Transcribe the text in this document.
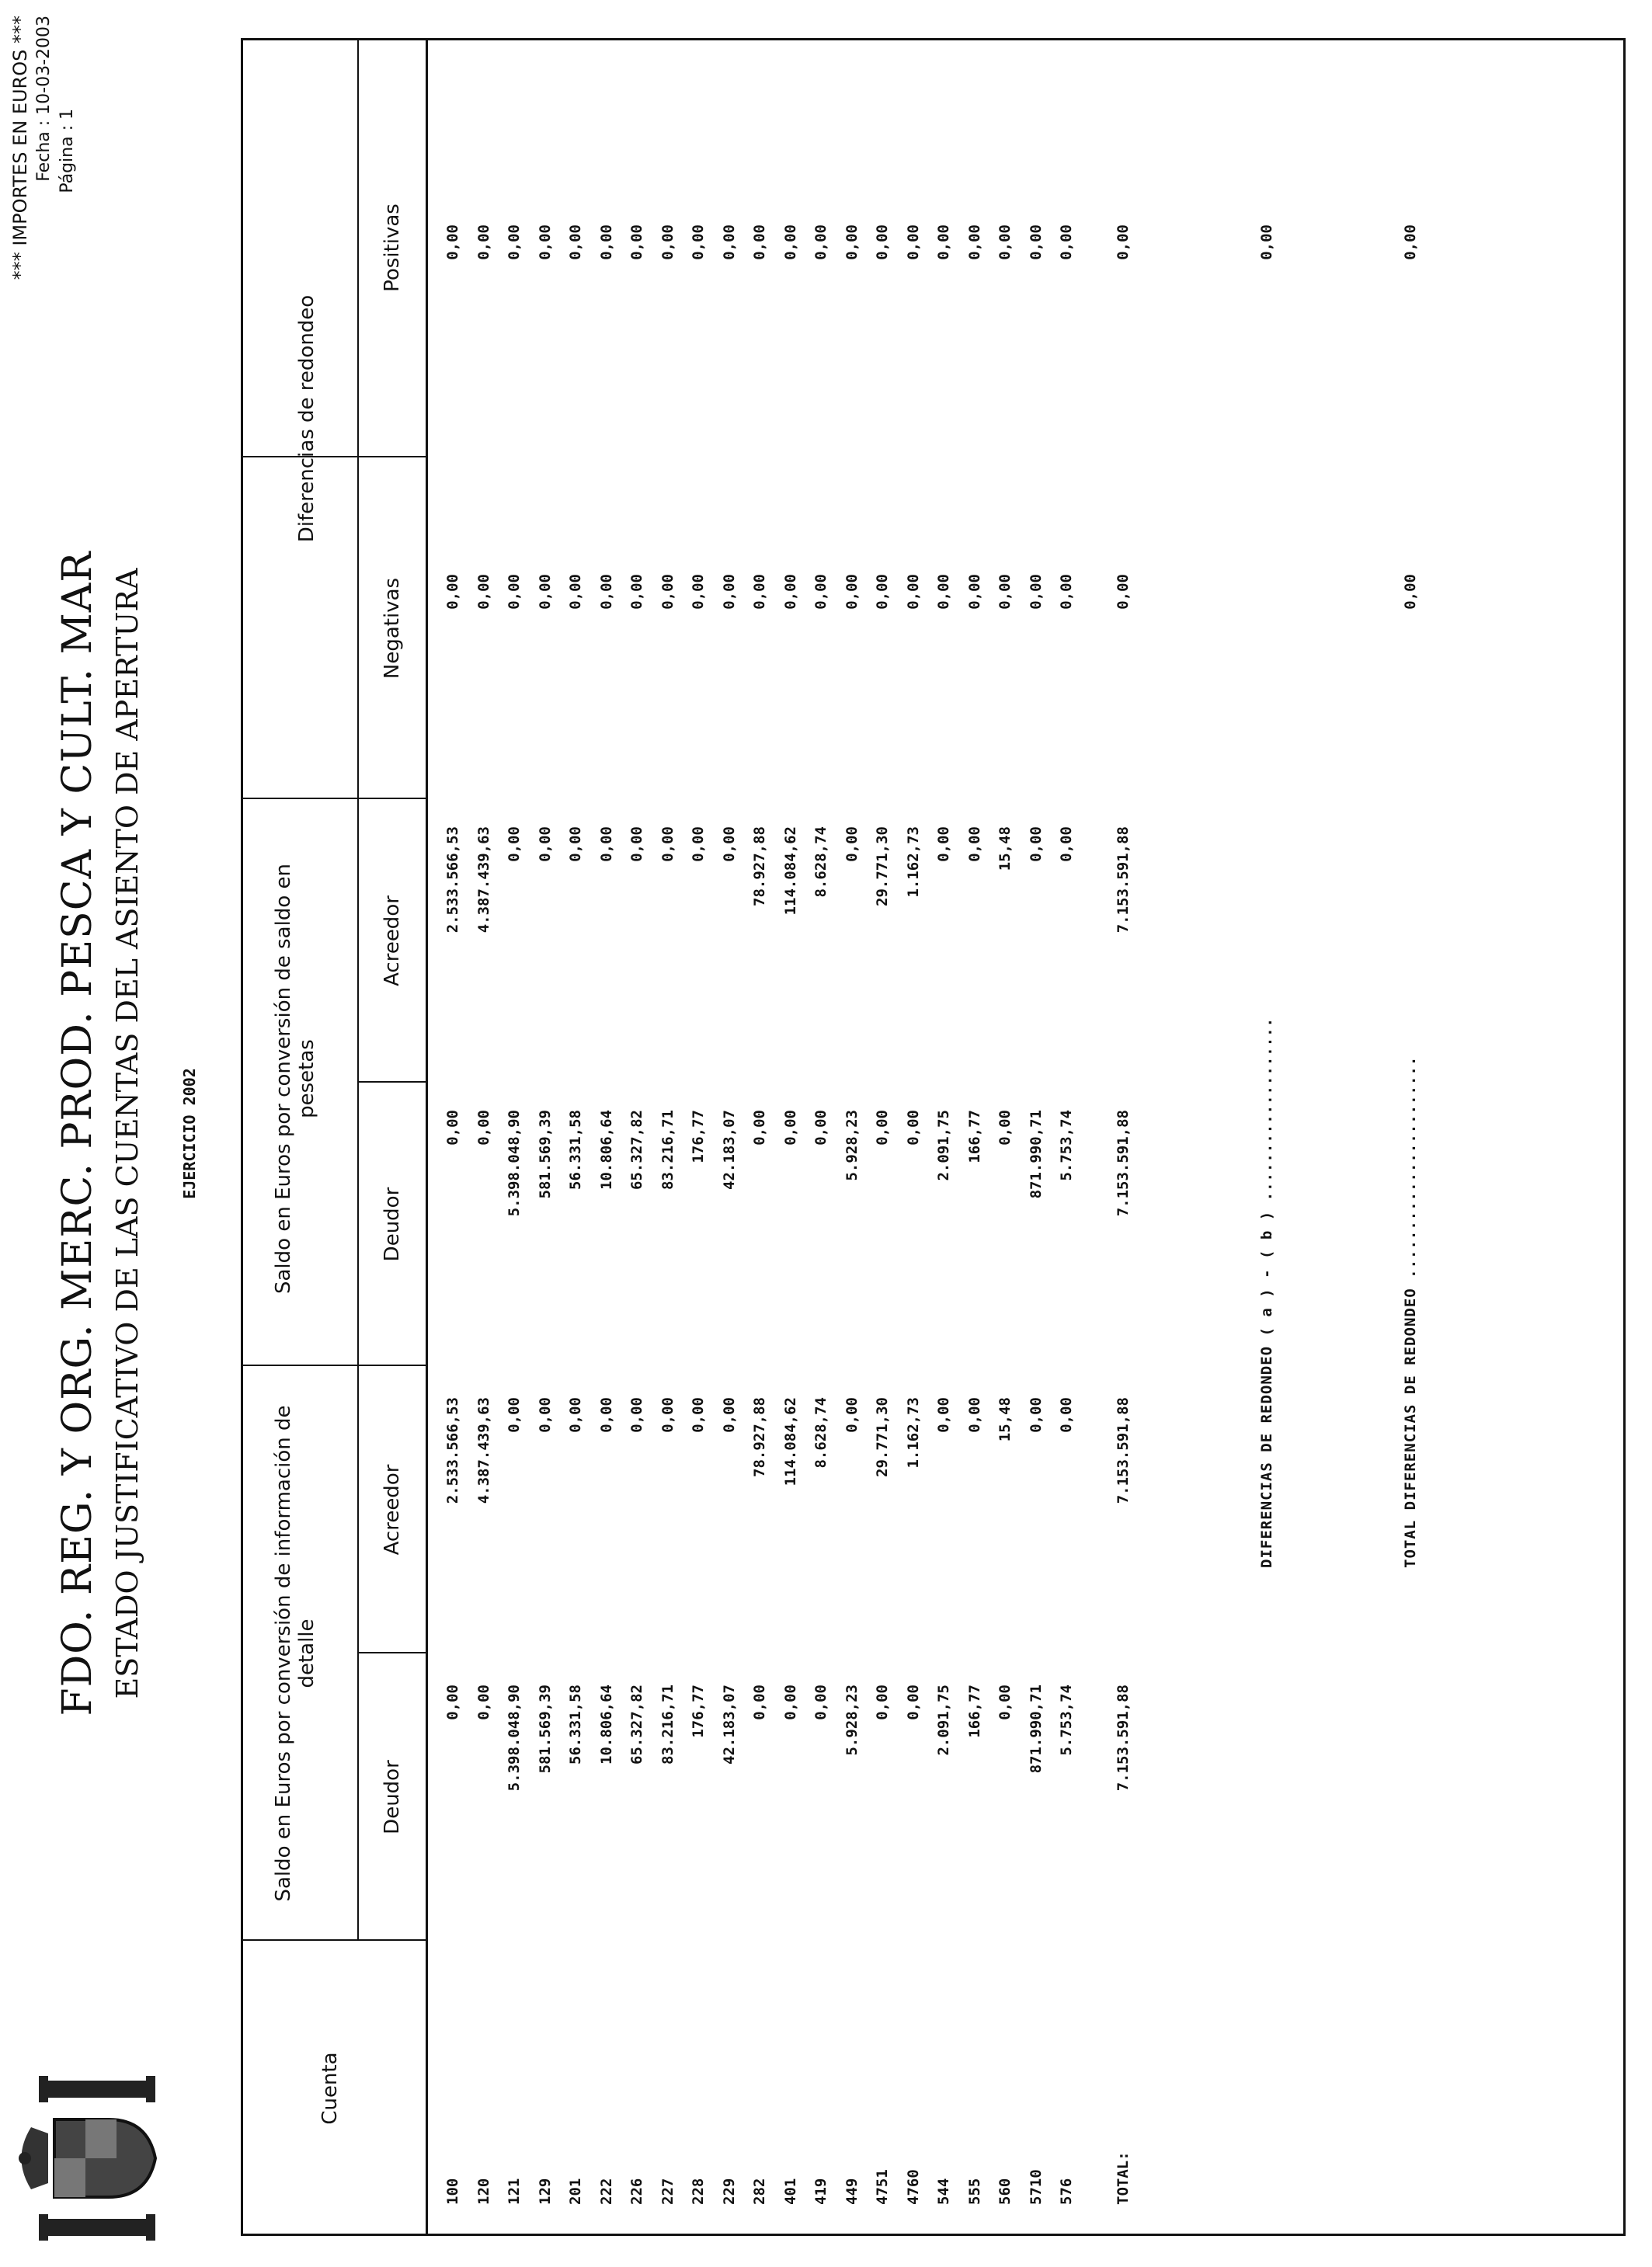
*** IMPORTES EN EUROS *** Fecha : 10-03-2003 Página : 1
FDO. REG. Y ORG. MERC. PROD. PESCA Y CULT. MAR ESTADO JUSTIFICATIVO DE LAS CUENTAS DEL ASIENTO DE APERTURA EJERCICIO 2002
Cuenta
Saldo en Euros por conversión de información de detalle
Saldo en Euros por conversión de saldo en pesetas
Diferencias de redondeo
Deudor
Acreedor
Deudor
Acreedor
Negativas
Positivas
100
0,00
2.533.566,53
0,00
2.533.566,53
0,00
0,00
120
0,00
4.387.439,63
0,00
4.387.439,63
0,00
0,00
121
5.398.048,90
0,00
5.398.048,90
0,00
0,00
0,00
129
581.569,39
0,00
581.569,39
0,00
0,00
0,00
201
56.331,58
0,00
56.331,58
0,00
0,00
0,00
222
10.806,64
0,00
10.806,64
0,00
0,00
0,00
226
65.327,82
0,00
65.327,82
0,00
0,00
0,00
227
83.216,71
0,00
83.216,71
0,00
0,00
0,00
228
176,77
0,00
176,77
0,00
0,00
0,00
229
42.183,07
0,00
42.183,07
0,00
0,00
0,00
282
0,00
78.927,88
0,00
78.927,88
0,00
0,00
401
0,00
114.084,62
0,00
114.084,62
0,00
0,00
419
0,00
8.628,74
0,00
8.628,74
0,00
0,00
449
5.928,23
0,00
5.928,23
0,00
0,00
0,00
4751
0,00
29.771,30
0,00
29.771,30
0,00
0,00
4760
0,00
1.162,73
0,00
1.162,73
0,00
0,00
544
2.091,75
0,00
2.091,75
0,00
0,00
0,00
555
166,77
0,00
166,77
0,00
0,00
0,00
560
0,00
15,48
0,00
15,48
0,00
0,00
5710
871.990,71
0,00
871.990,71
0,00
0,00
0,00
576
5.753,74
0,00
5.753,74
0,00
0,00
0,00
TOTAL:
7.153.591,88
7.153.591,88
7.153.591,88
7.153.591,88
0,00
0,00
DIFERENCIAS DE REDONDEO ( a ) - ( b ) ...................
0,00
TOTAL DIFERENCIAS DE REDONDEO .......................
0,00
0,00
